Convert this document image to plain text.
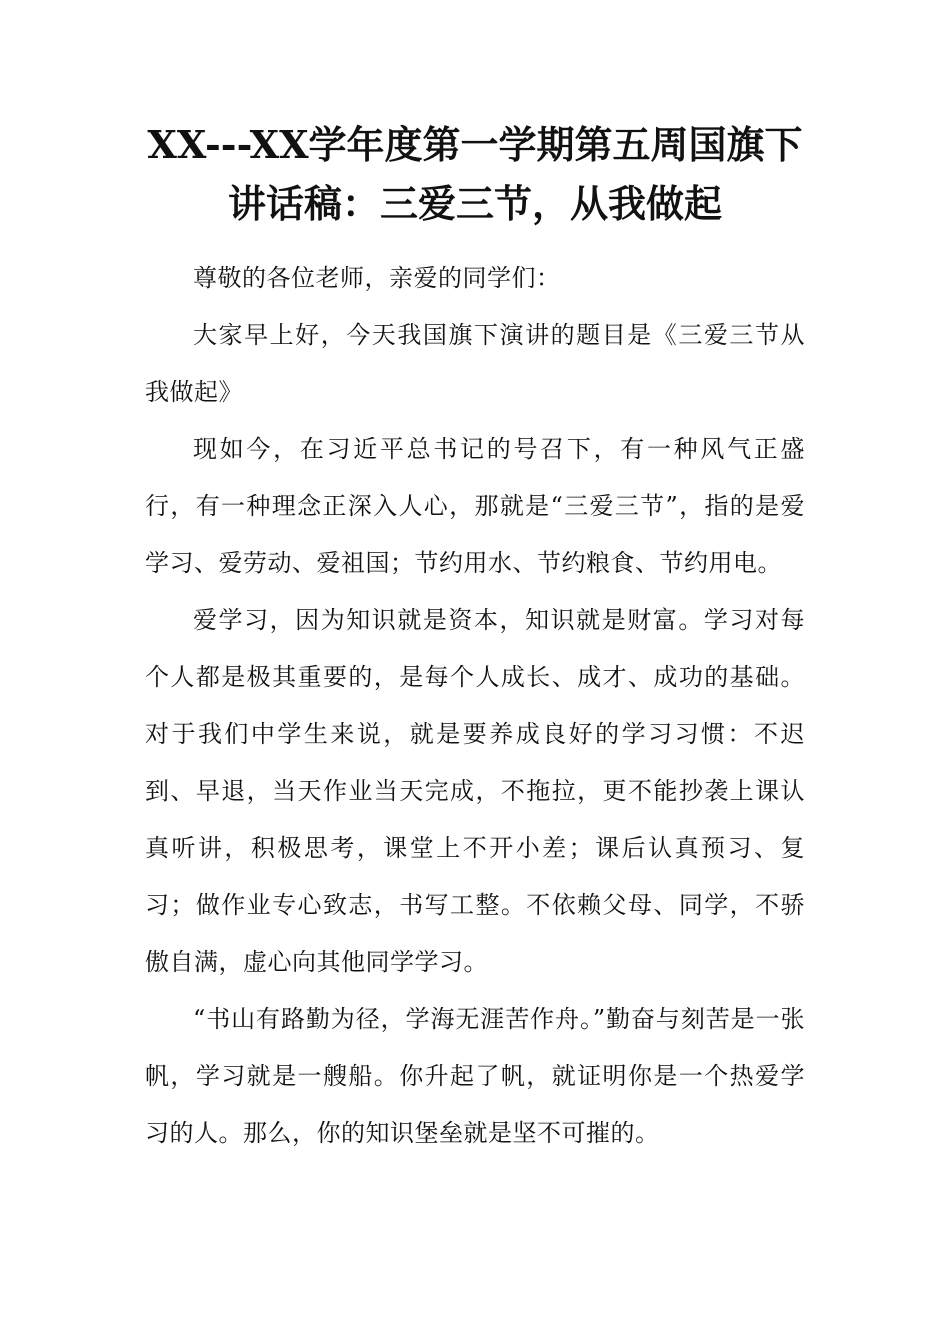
XX---XX学年度第一学期第五周国旗下
讲话稿：三爱三节，从我做起

尊敬的各位老师，亲爱的同学们：

大家早上好，今天我国旗下演讲的题目是《三爱三节从我做起》

现如今，在习近平总书记的号召下，有一种风气正盛行，有一种理念正深入人心，那就是“三爱三节”，指的是爱学习、爱劳动、爱祖国；节约用水、节约粮食、节约用电。

爱学习，因为知识就是资本，知识就是财富。学习对每个人都是极其重要的，是每个人成长、成才、成功的基础。对于我们中学生来说，就是要养成良好的学习习惯：不迟到、早退，当天作业当天完成，不拖拉，更不能抄袭上课认真听讲，积极思考，课堂上不开小差；课后认真预习、复习；做作业专心致志，书写工整。不依赖父母、同学，不骄傲自满，虚心向其他同学学习。

“书山有路勤为径，学海无涯苦作舟。”勤奋与刻苦是一张帆，学习就是一艘船。你升起了帆，就证明你是一个热爱学习的人。那么，你的知识堡垒就是坚不可摧的。
